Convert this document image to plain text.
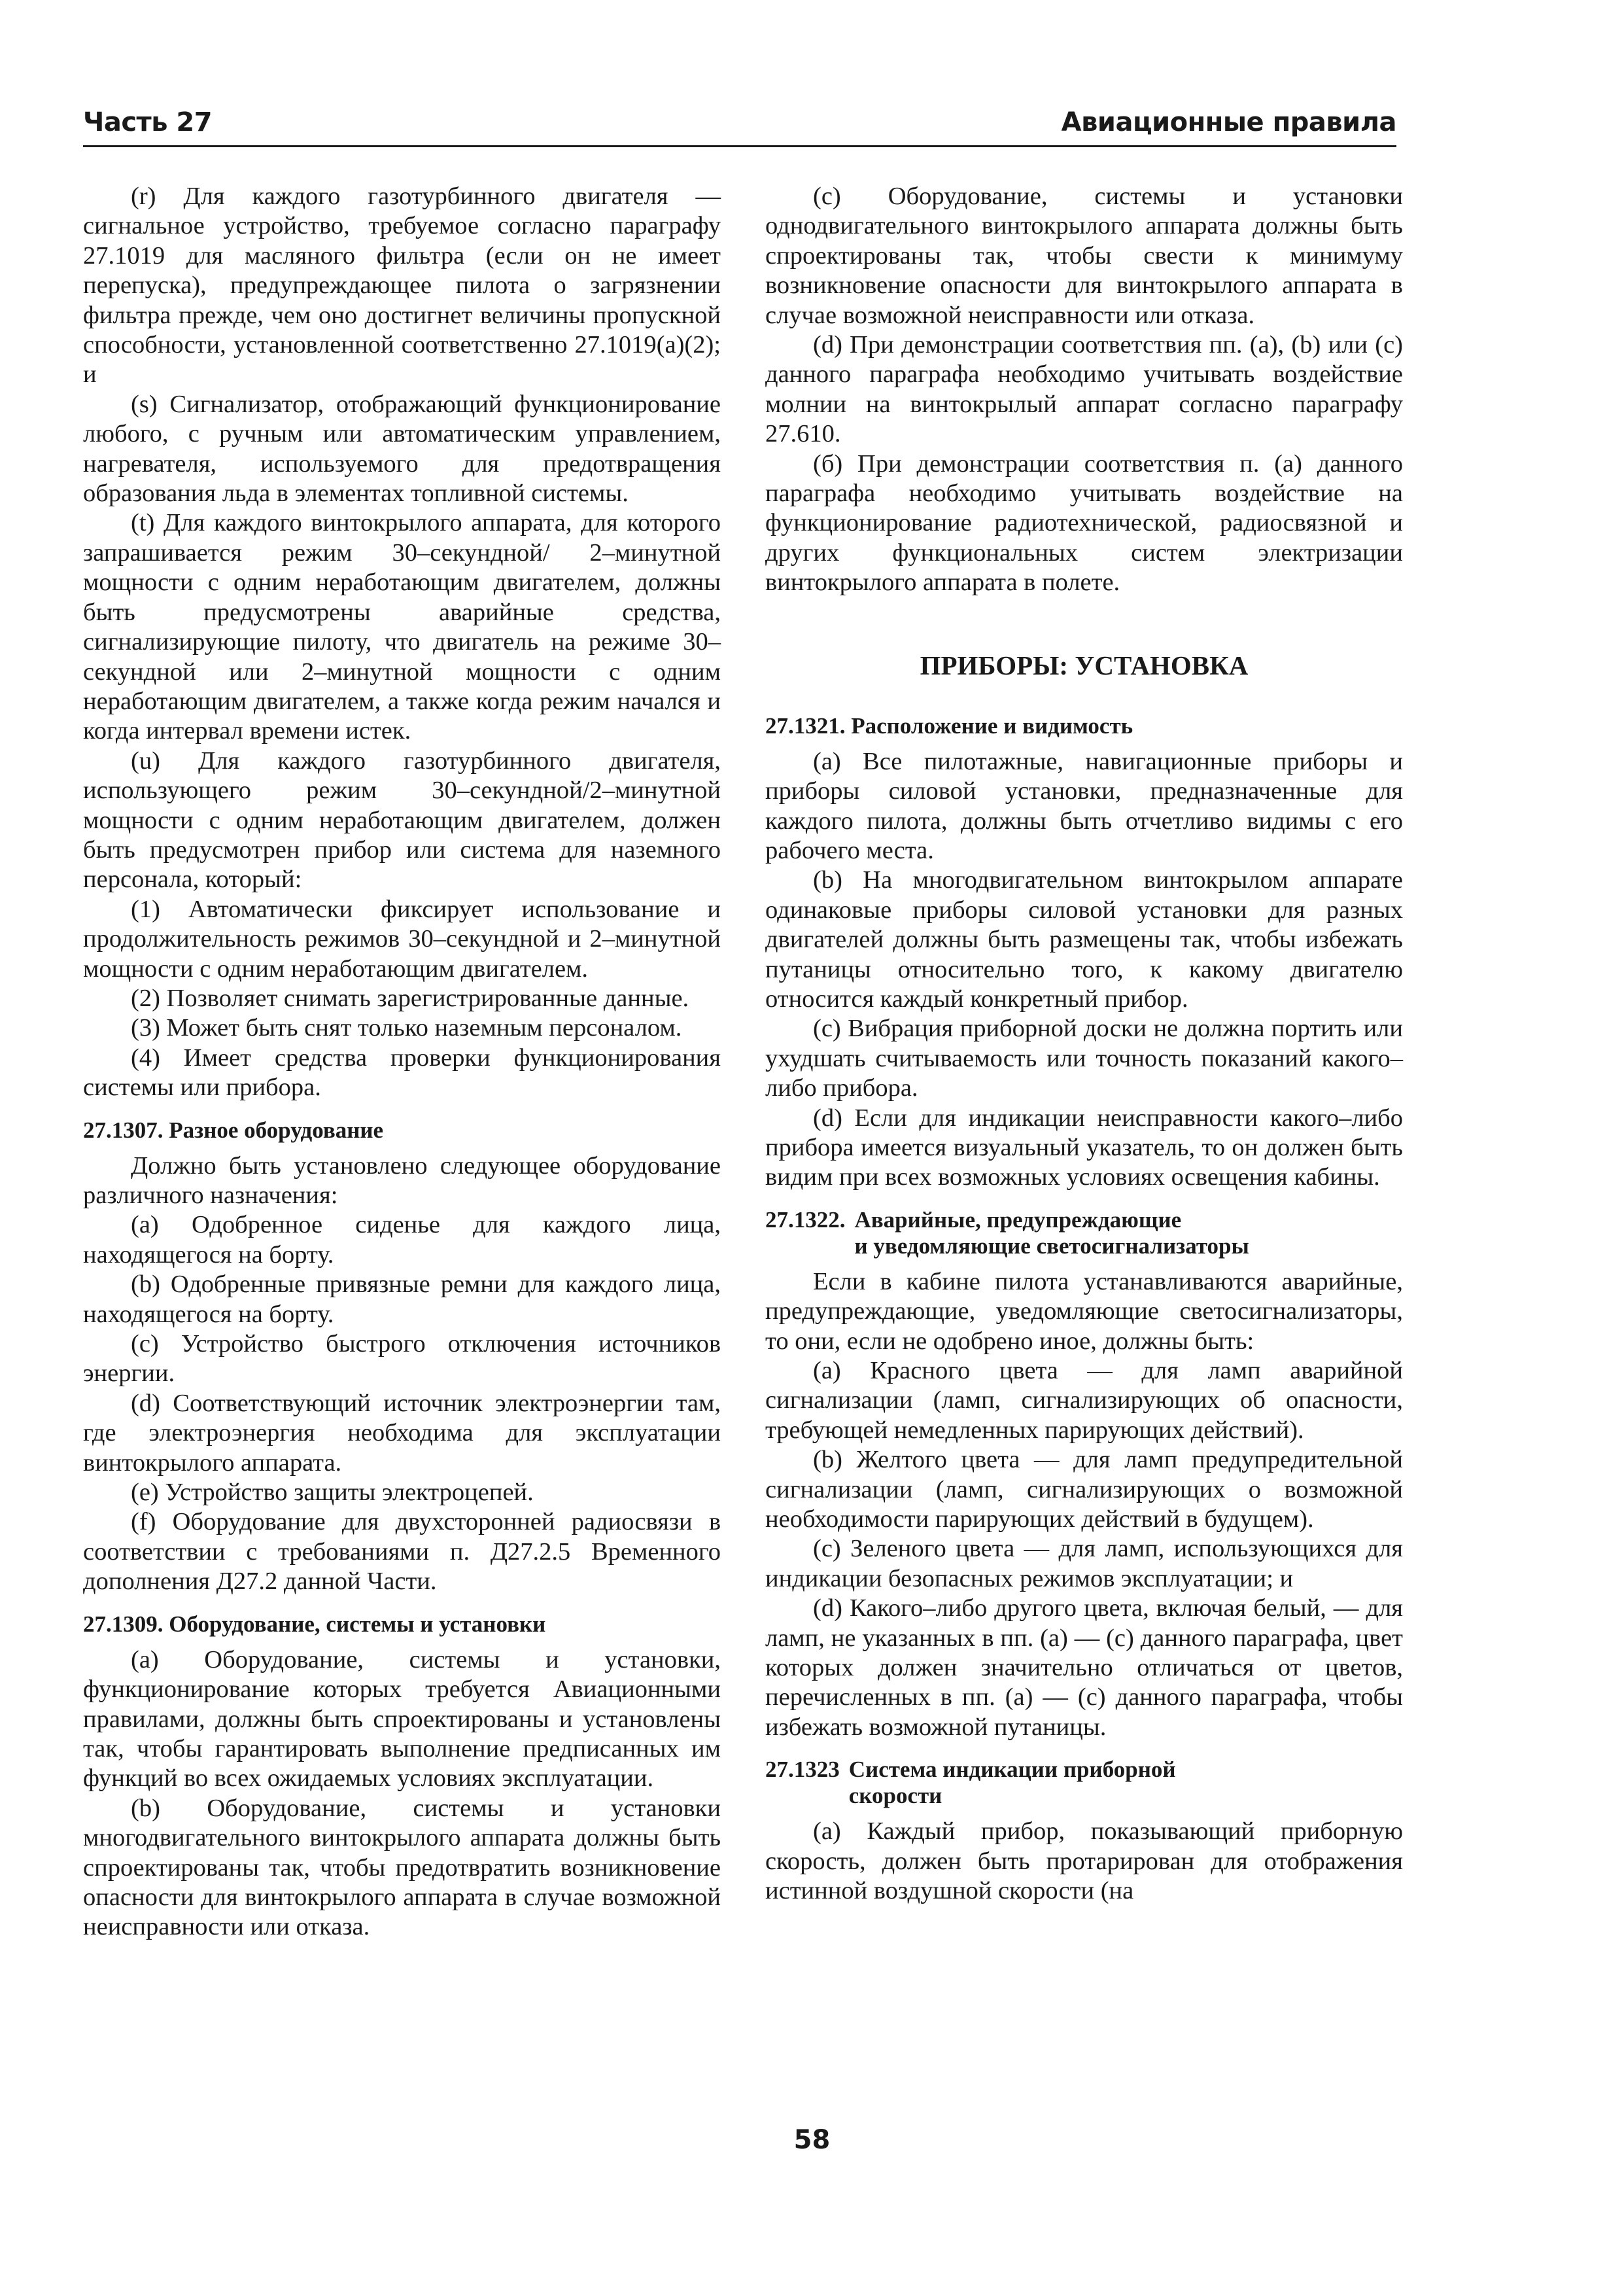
Часть 27	Авиационные правила

(r) Для каждого газотурбинного двигателя — сигнальное устройство, требуемое согласно параграфу 27.1019 для масляного фильтра (если он не имеет перепуска), предупреждающее пилота о загрязнении фильтра прежде, чем оно достигнет величины пропускной способности, установленной соответственно 27.1019(a)(2); и

(s) Сигнализатор, отображающий функционирование любого, с ручным или автоматическим управлением, нагревателя, используемого для предотвращения образования льда в элементах топливной системы.

(t) Для каждого винтокрылого аппарата, для которого запрашивается режим 30–секундной/ 2–минутной мощности с одним неработающим двигателем, должны быть предусмотрены аварийные средства, сигнализирующие пилоту, что двигатель на режиме 30–секундной или 2–минутной мощности с одним неработающим двигателем, а также когда режим начался и когда интервал времени истек.

(u) Для каждого газотурбинного двигателя, использующего режим 30–секундной/2–минутной мощности с одним неработающим двигателем, должен быть предусмотрен прибор или система для наземного персонала, который:

(1) Автоматически фиксирует использование и продолжительность режимов 30–секундной и 2–минутной мощности с одним неработающим двигателем.

(2) Позволяет снимать зарегистрированные данные.

(3) Может быть снят только наземным персоналом.

(4) Имеет средства проверки функционирования системы или прибора.

27.1307. Разное оборудование

Должно быть установлено следующее оборудование различного назначения:

(a) Одобренное сиденье для каждого лица, находящегося на борту.

(b) Одобренные привязные ремни для каждого лица, находящегося на борту.

(c) Устройство быстрого отключения источников энергии.

(d) Соответствующий источник электроэнергии там, где электроэнергия необходима для эксплуатации винтокрылого аппарата.

(e) Устройство защиты электроцепей.

(f) Оборудование для двухсторонней радиосвязи в соответствии с требованиями п. Д27.2.5 Временного дополнения Д27.2 данной Части.

27.1309. Оборудование, системы и установки

(a) Оборудование, системы и установки, функционирование которых требуется Авиационными правилами, должны быть спроектированы и установлены так, чтобы гарантировать выполнение предписанных им функций во всех ожидаемых условиях эксплуатации.

(b) Оборудование, системы и установки многодвигательного винтокрылого аппарата должны быть спроектированы так, чтобы предотвратить возникновение опасности для винтокрылого аппарата в случае возможной неисправности или отказа.

(c) Оборудование, системы и установки однодвигательного винтокрылого аппарата должны быть спроектированы так, чтобы свести к минимуму возникновение опасности для винтокрылого аппарата в случае возможной неисправности или отказа.

(d) При демонстрации соответствия пп. (a), (b) или (c) данного параграфа необходимо учитывать воздействие молнии на винтокрылый аппарат согласно параграфу 27.610.

(б) При демонстрации соответствия п. (a) данного параграфа необходимо учитывать воздействие на функционирование радиотехнической, радиосвязной и других функциональных систем электризации винтокрылого аппарата в полете.

ПРИБОРЫ: УСТАНОВКА
27.1321. Расположение и видимость

(a) Все пилотажные, навигационные приборы и приборы силовой установки, предназначенные для каждого пилота, должны быть отчетливо видимы с его рабочего места.

(b) На многодвигательном винтокрылом аппарате одинаковые приборы силовой установки для разных двигателей должны быть размещены так, чтобы избежать путаницы относительно того, к какому двигателю относится каждый конкретный прибор.

(c) Вибрация приборной доски не должна портить или ухудшать считываемость или точность показаний какого–либо прибора.

(d) Если для индикации неисправности какого–либо прибора имеется визуальный указатель, то он должен быть видим при всех возможных условиях освещения кабины.

27.1322. Аварийные, предупреждающие
и уведомляющие светосигнализаторы

Если в кабине пилота устанавливаются аварийные, предупреждающие, уведомляющие светосигнализаторы, то они, если не одобрено иное, должны быть:

(a) Красного цвета — для ламп аварийной сигнализации (ламп, сигнализирующих об опасности, требующей немедленных парирующих действий).

(b) Желтого цвета — для ламп предупредительной сигнализации (ламп, сигнализирующих о возможной необходимости парирующих действий в будущем).

(c) Зеленого цвета — для ламп, использующихся для индикации безопасных режимов эксплуатации; и

(d) Какого–либо другого цвета, включая белый, — для ламп, не указанных в пп. (a) — (c) данного параграфа, цвет которых должен значительно отличаться от цветов, перечисленных в пп. (a) — (c) данного параграфа, чтобы избежать возможной путаницы.

27.1323 Система индикации приборной
скорости

(a) Каждый прибор, показывающий приборную скорость, должен быть протарирован для отображения истинной воздушной скорости (на

58
